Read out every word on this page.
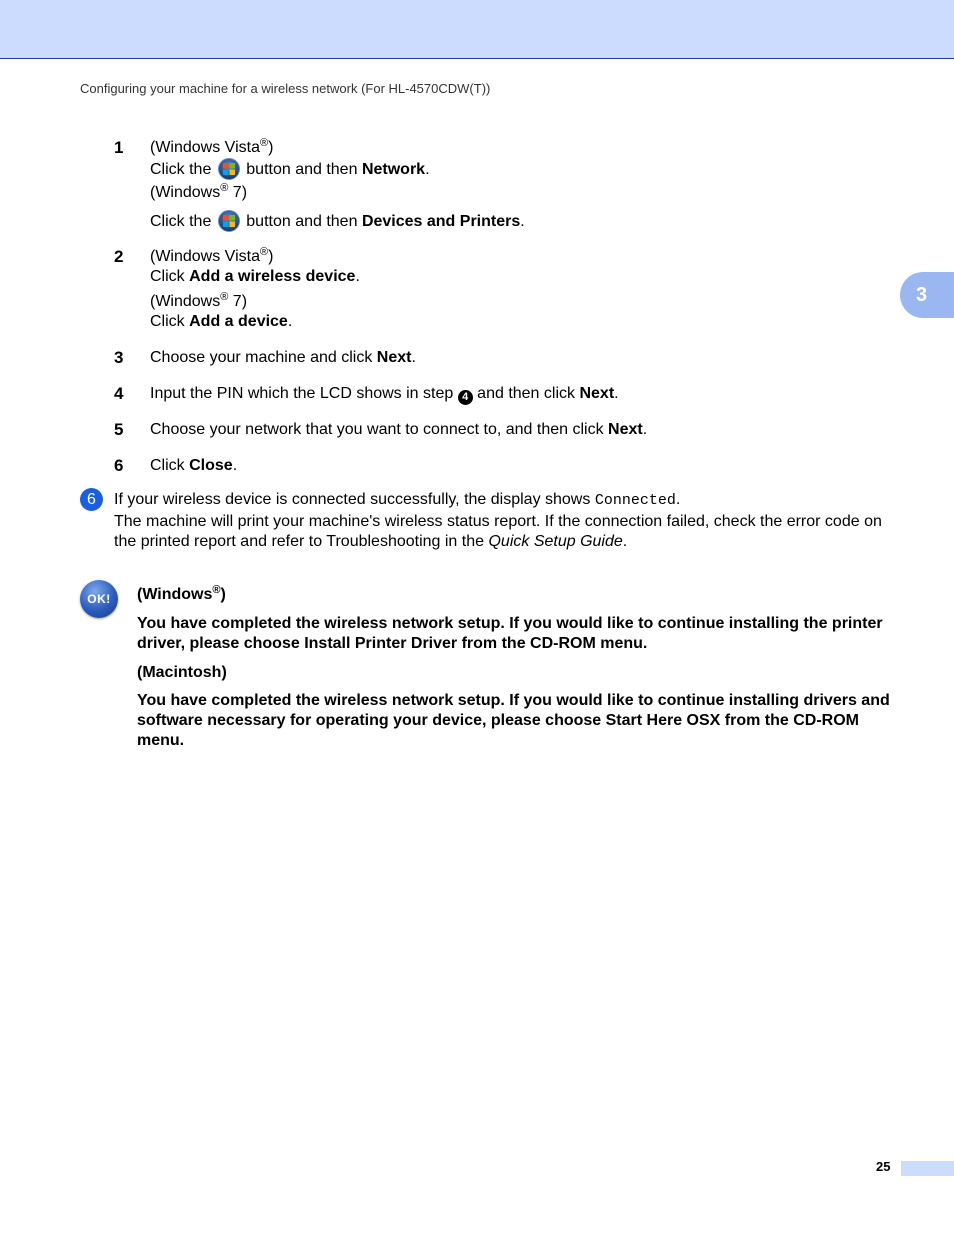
Configuring your machine for a wireless network (For HL-4570CDW(T))
3
1 (Windows Vista®)
Click the button and then Network.
(Windows® 7)
Click the button and then Devices and Printers.
2 (Windows Vista®)
Click Add a wireless device.
(Windows® 7)
Click Add a device.
3 Choose your machine and click Next.
4 Input the PIN which the LCD shows in step 4 and then click Next.
5 Choose your network that you want to connect to, and then click Next.
6 Click Close.
6	If your wireless device is connected successfully, the display shows Connected.
The machine will print your machine's wireless status report. If the connection failed, check the error code on the printed report and refer to Troubleshooting in the Quick Setup Guide.
OK!	(Windows®)
You have completed the wireless network setup. If you would like to continue installing the printer driver, please choose Install Printer Driver from the CD-ROM menu.
(Macintosh)
You have completed the wireless network setup. If you would like to continue installing drivers and software necessary for operating your device, please choose Start Here OSX from the CD-ROM menu.
25
